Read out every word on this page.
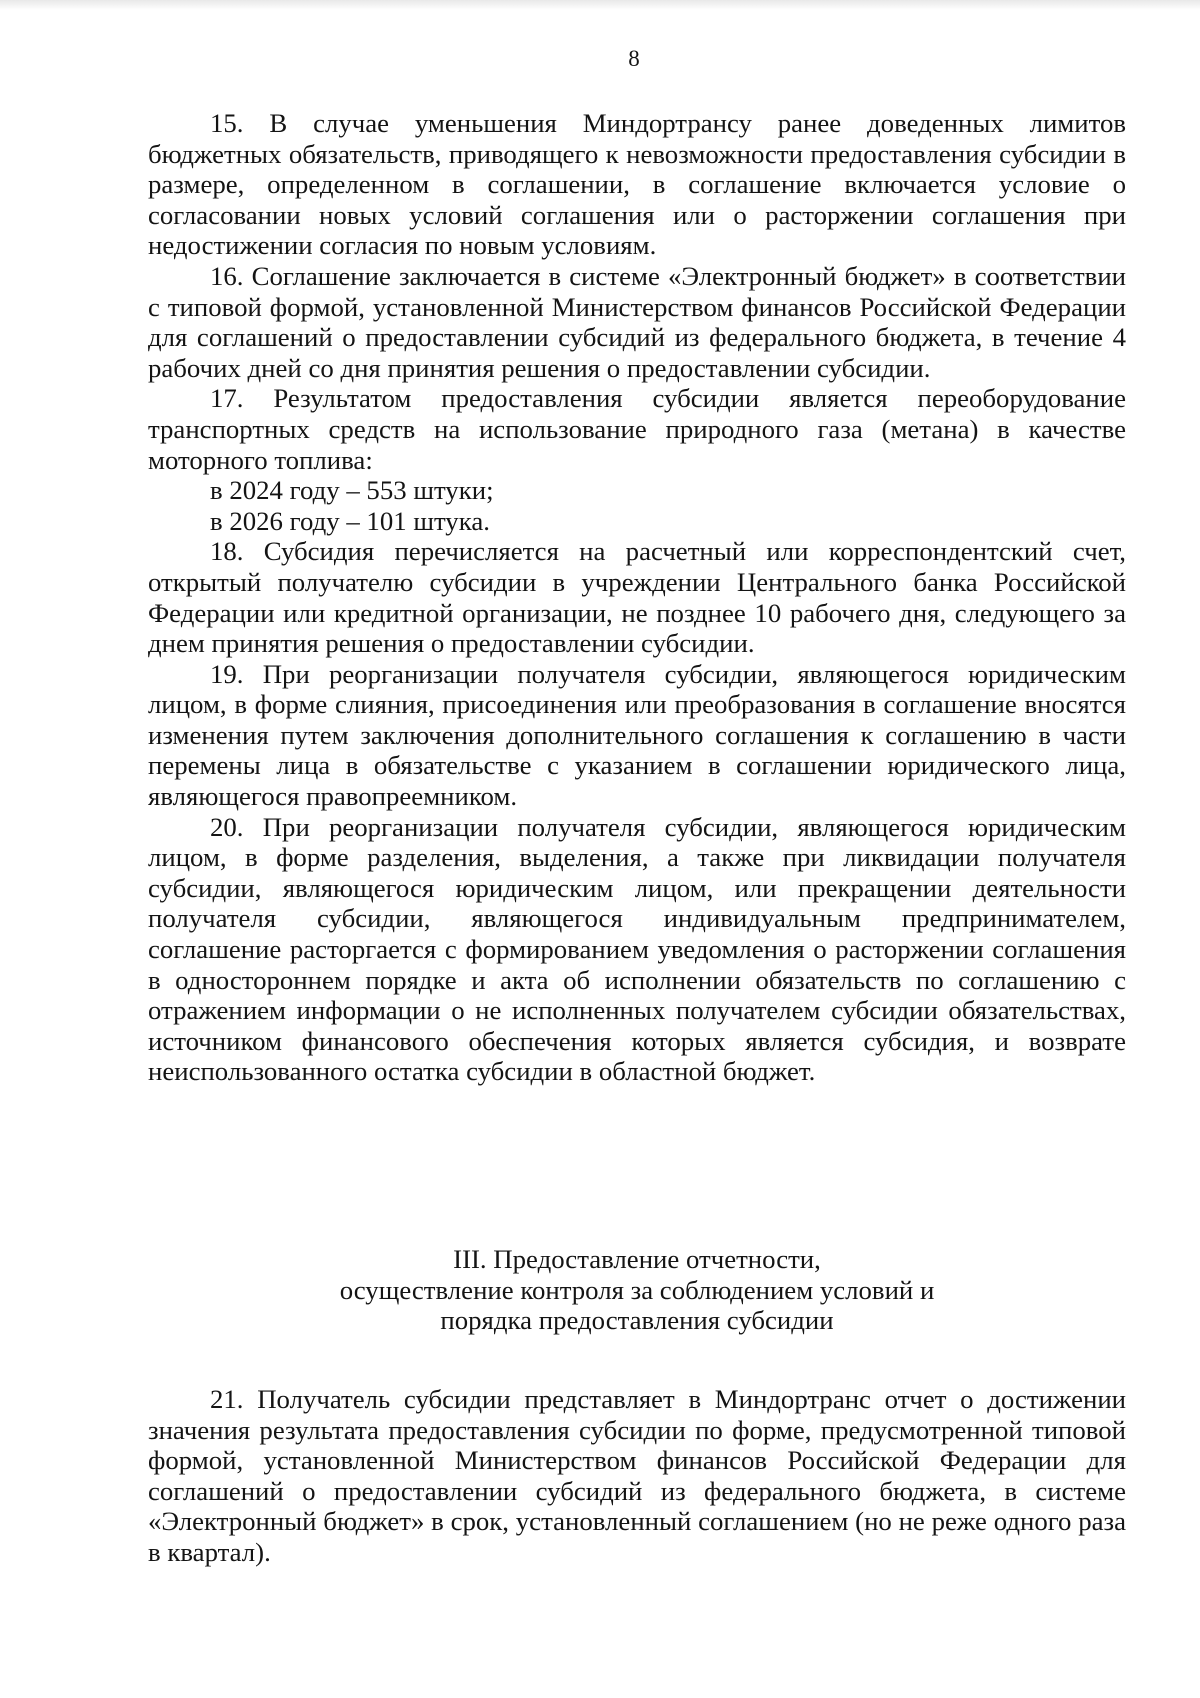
8

15. В случае уменьшения Миндортрансу ранее доведенных лимитов бюджетных обязательств, приводящего к невозможности предоставления субсидии в размере, определенном в соглашении, в соглашение включается условие о согласовании новых условий соглашения или о расторжении соглашения при недостижении согласия по новым условиям.

16. Соглашение заключается в системе «Электронный бюджет» в соответствии с типовой формой, установленной Министерством финансов Российской Федерации для соглашений о предоставлении субсидий из федерального бюджета, в течение 4 рабочих дней со дня принятия решения о предоставлении субсидии.

17. Результатом предоставления субсидии является переоборудование транспортных средств на использование природного газа (метана) в качестве моторного топлива:

в 2024 году – 553 штуки;

в 2026 году – 101 штука.

18. Субсидия перечисляется на расчетный или корреспондентский счет, открытый получателю субсидии в учреждении Центрального банка Российской Федерации или кредитной организации, не позднее 10 рабочего дня, следующего за днем принятия решения о предоставлении субсидии.

19. При реорганизации получателя субсидии, являющегося юридическим лицом, в форме слияния, присоединения или преобразования в соглашение вносятся изменения путем заключения дополнительного соглашения к соглашению в части перемены лица в обязательстве с указанием в соглашении юридического лица, являющегося правопреемником.

20. При реорганизации получателя субсидии, являющегося юридическим лицом, в форме разделения, выделения, а также при ликвидации получателя субсидии, являющегося юридическим лицом, или прекращении деятельности получателя субсидии, являющегося индивидуальным предпринимателем, соглашение расторгается с формированием уведомления о расторжении соглашения в одностороннем порядке и акта об исполнении обязательств по соглашению с отражением информации о не исполненных получателем субсидии обязательствах, источником финансового обеспечения которых является субсидия, и возврате неиспользованного остатка субсидии в областной бюджет.

III. Предоставление отчетности,
осуществление контроля за соблюдением условий и
порядка предоставления субсидии

21. Получатель субсидии представляет в Миндортранс отчет о достижении значения результата предоставления субсидии по форме, предусмотренной типовой формой, установленной Министерством финансов Российской Федерации для соглашений о предоставлении субсидий из федерального бюджета, в системе «Электронный бюджет» в срок, установленный соглашением (но не реже одного раза в квартал).
